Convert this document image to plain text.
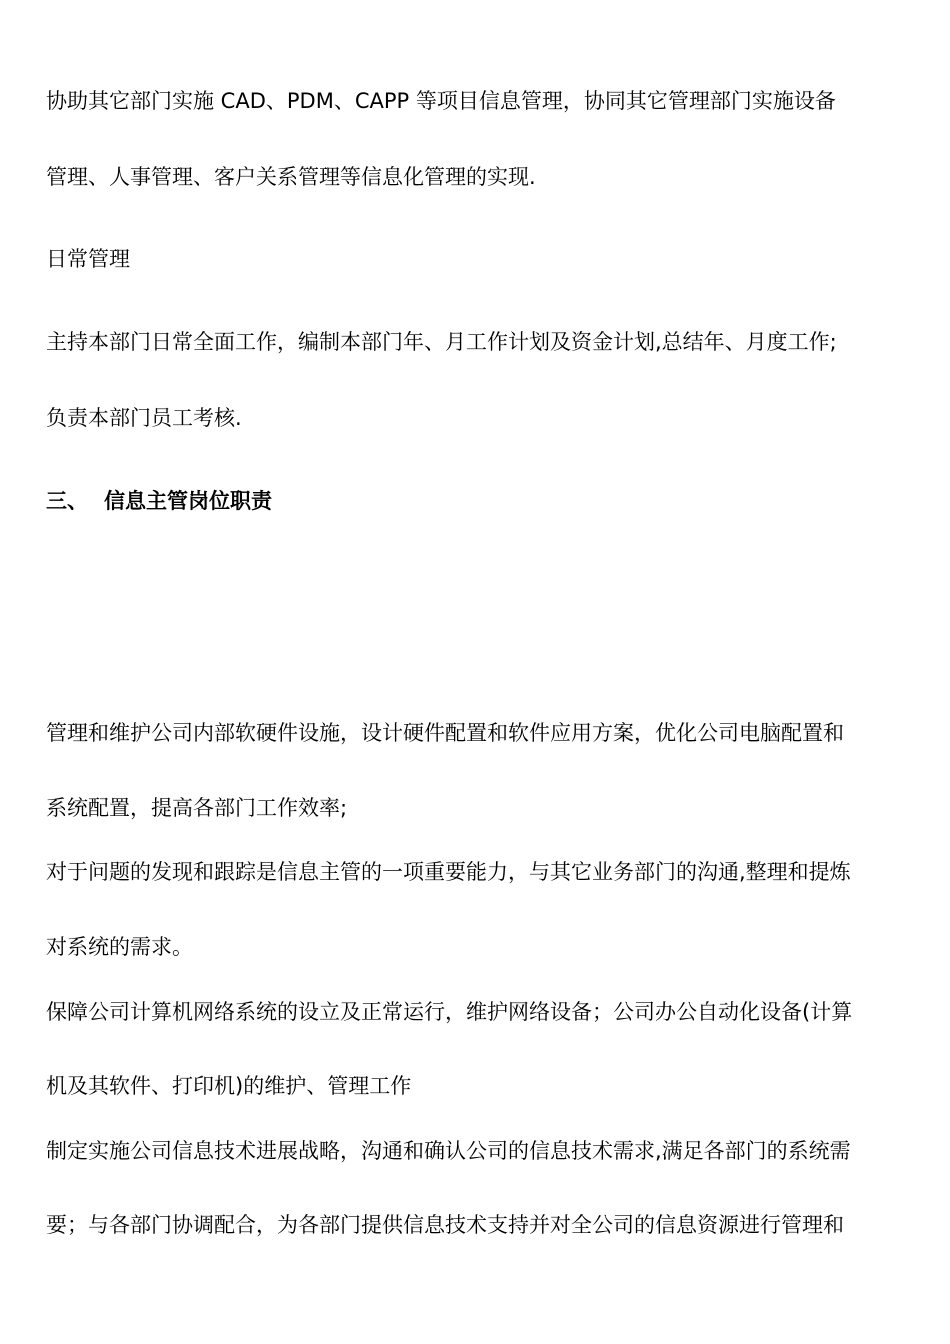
协助其它部门实施 CAD、PDM、CAPP 等项目信息管理，协同其它管理部门实施设备
管理、人事管理、客户关系管理等信息化管理的实现.
日常管理
主持本部门日常全面工作，编制本部门年、月工作计划及资金计划,总结年、月度工作;
负责本部门员工考核.
三、 信息主管岗位职责
管理和维护公司内部软硬件设施，设计硬件配置和软件应用方案，优化公司电脑配置和
系统配置，提高各部门工作效率;
对于问题的发现和跟踪是信息主管的一项重要能力，与其它业务部门的沟通,整理和提炼
对系统的需求。
保障公司计算机网络系统的设立及正常运行，维护网络设备；公司办公自动化设备(计算
机及其软件、打印机)的维护、管理工作
制定实施公司信息技术进展战略，沟通和确认公司的信息技术需求,满足各部门的系统需
要；与各部门协调配合，为各部门提供信息技术支持并对全公司的信息资源进行管理和
